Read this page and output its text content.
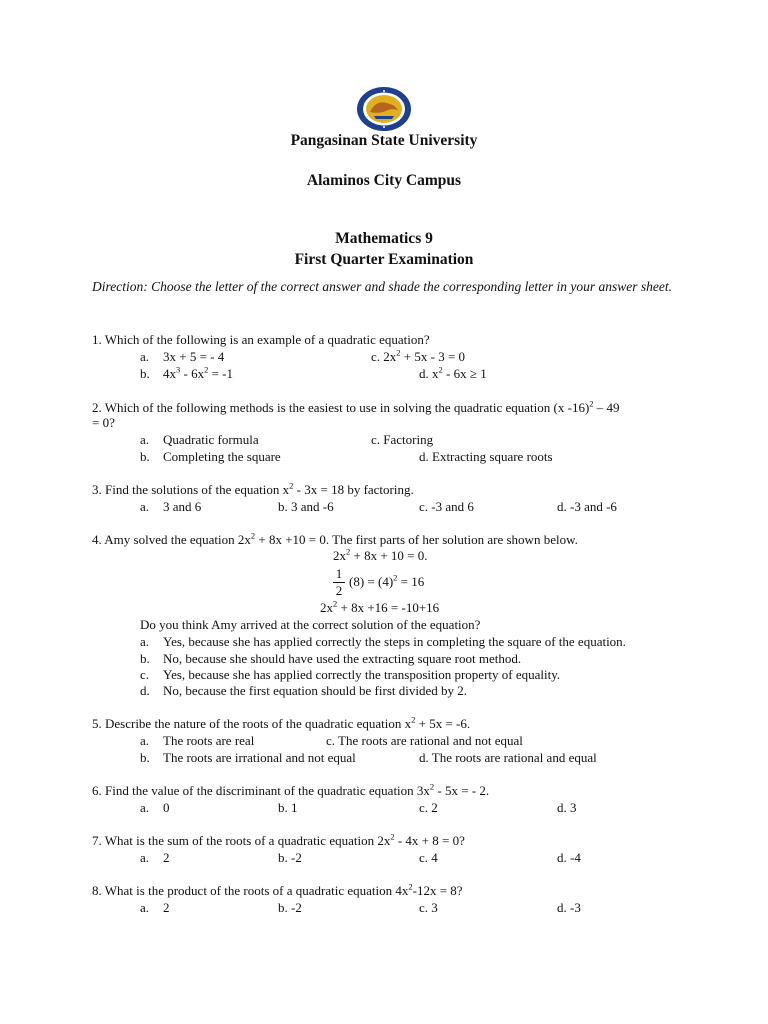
Pangasinan State University
Alaminos City Campus
Mathematics 9
First Quarter Examination
Direction: Choose the letter of the correct answer and shade the corresponding letter in your answer sheet.
1. Which of the following is an example of a quadratic equation?
a. 3x + 5 = - 4	c. $2x^2 + 5x - 3 = 0$
b. $4x^3 - 6x^2 = -1$	d. $x^2 - 6x \ge 1$
2. Which of the following methods is the easiest to use in solving the quadratic equation (x -16)$^2$ – 49
= 0?
a. Quadratic formula	c. Factoring
b. Completing the square	d. Extracting square roots
3. Find the solutions of the equation $x^2 - 3x = 18$ by factoring.
a. 3 and 6	b. 3 and -6	c. -3 and 6	d. -3 and -6
4. Amy solved the equation $2x^2 + 8x +10 = 0$. The first parts of her solution are shown below.
$2x^2 + 8x + 10 = 0$.
1
2
$(8) = (4)^2 = 16$
$2x^2 + 8x +16 = -10+16$
Do you think Amy arrived at the correct solution of the equation?
a. Yes, because she has applied correctly the steps in completing the square of the equation.
b. No, because she should have used the extracting square root method.
c. Yes, because she has applied correctly the transposition property of equality.
d. No, because the first equation should be first divided by 2.
5. Describe the nature of the roots of the quadratic equation $x^2 + 5x = -6$.
a. The roots are real	c. The roots are rational and not equal
b. The roots are irrational and not equal	d. The roots are rational and equal
6. Find the value of the discriminant of the quadratic equation $3x^2 - 5x$ = - 2.
a. 0	b. 1	c. 2	d. 3
7. What is the sum of the roots of a quadratic equation $2x^2 - 4x + 8 = 0$?
a. 2	b. -2	c. 4	d. -4
8. What is the product of the roots of a quadratic equation $4x^2-12x = 8$?
a. 2	b. -2	c. 3	d. -3
